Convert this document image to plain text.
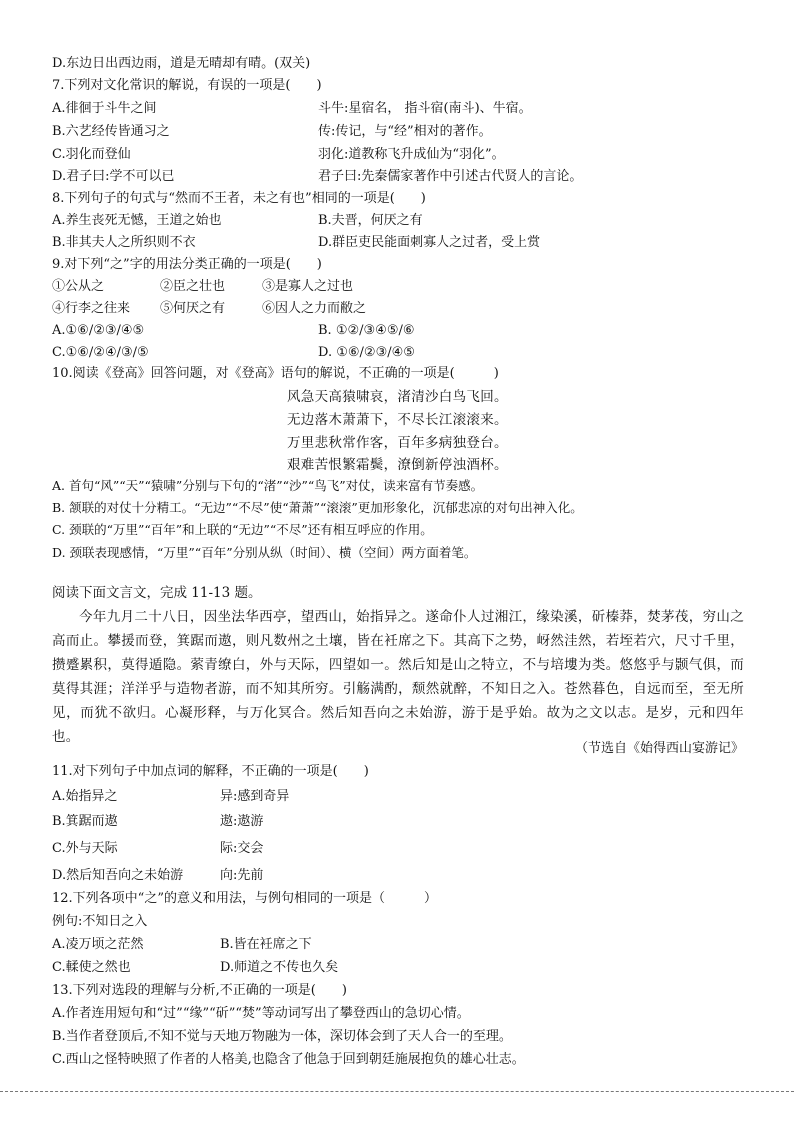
D.东边日出西边雨，道是无晴却有晴。(双关)
7.下列对文化常识的解说，有误的一项是(　　)
A.徘徊于斗牛之间	斗牛:星宿名， 指斗宿(南斗)、牛宿。
B.六艺经传皆通习之	传:传记，与“经”相对的著作。
C.羽化而登仙	羽化:道教称飞升成仙为“羽化”。
D.君子曰:学不可以已	君子曰:先秦儒家著作中引述古代贤人的言论。
8.下列句子的句式与“然而不王者，未之有也”相同的一项是(　　)
A.养生丧死无憾，王道之始也	B.夫晋，何厌之有
B.非其夫人之所织则不衣	D.群臣吏民能面刺寡人之过者，受上赏
9.对下列“之”字的用法分类正确的一项是(　　)
①公从之	②臣之壮也	③是寡人之过也
④行李之往来 ⑤何厌之有	⑥因人之力而敝之
A.①⑥/②③/④⑤	B. ①②/③④⑤/⑥
C.①⑥/②④/③/⑤	D. ①⑥/②③/④⑤
10.阅读《登高》回答问题，对《登高》语句的解说，不正确的一项是(　　　)
风急天高猿啸哀，渚清沙白鸟飞回。
无边落木萧萧下，不尽长江滚滚来。
万里悲秋常作客，百年多病独登台。
艰难苦恨繁霜鬓，潦倒新停浊酒杯。
A. 首句“风”“天”“猿啸”分别与下句的“渚”“沙”“鸟飞”对仗，读来富有节奏感。
B. 颔联的对仗十分精工。“无边”“不尽”使“萧萧”“滚滚”更加形象化，沉郁悲凉的对句出神入化。
C. 颈联的“万里”“百年”和上联的“无边”“不尽”还有相互呼应的作用。
D. 颈联表现感情，“万里”“百年”分别从纵（时间）、横（空间）两方面着笔。
阅读下面文言文，完成 11-13 题。
今年九月二十八日，因坐法华西亭，望西山，始指异之。遂命仆人过湘江，缘染溪，斫榛莽，焚茅茷，穷山之高而止。攀援而登，箕踞而遨，则凡数州之土壤，皆在衽席之下。其高下之势，岈然洼然，若垤若穴，尺寸千里，攒蹙累积，莫得遁隐。萦青缭白，外与天际，四望如一。然后知是山之特立，不与培塿为类。悠悠乎与颢气俱，而莫得其涯；洋洋乎与造物者游，而不知其所穷。引觞满酌，颓然就醉，不知日之入。苍然暮色，自远而至，至无所见，而犹不欲归。心凝形释，与万化冥合。然后知吾向之未始游，游于是乎始。故为之文以志。是岁，元和四年也。
（节选自《始得西山宴游记》
11.对下列句子中加点词的解释，不正确的一项是(　　)
A.始指异之	异:感到奇异
B.箕踞而遨	遨:遨游
C.外与天际	际:交会
D.然后知吾向之未始游	向:先前
12.下列各项中“之”的意义和用法，与例句相同的一项是（　　　）
例句:不知日之入
A.凌万顷之茫然	B.皆在衽席之下
C.輮使之然也	D.师道之不传也久矣
13.下列对选段的理解与分析,不正确的一项是(　　)
A.作者连用短句和“过”“缘”“斫”“焚”等动词写出了攀登西山的急切心情。
B.当作者登顶后,不知不觉与天地万物融为一体，深切体会到了天人合一的至理。
C.西山之怪特映照了作者的人格美,也隐含了他急于回到朝廷施展抱负的雄心壮志。
